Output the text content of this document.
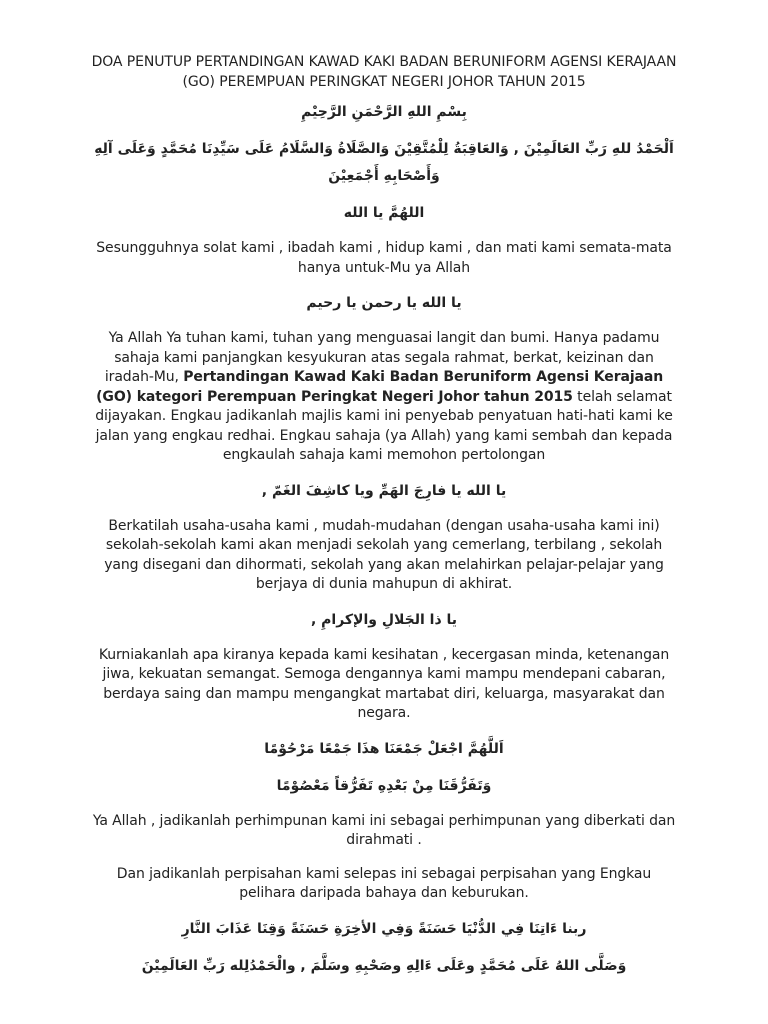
DOA PENUTUP PERTANDINGAN KAWAD KAKI BADAN BERUNIFORM AGENSI KERAJAAN (GO) PEREMPUAN PERINGKAT NEGERI JOHOR TAHUN 2015

بِسْمِ اللهِ الرَّحْمَنِ الرَّحِيْمِ

اَلْحَمْدُ للهِ رَبِّ العَالَمِيْنَ , وَالعَاقِبَةُ لِلْمُتَّقِيْنَ وَالصَّلَاةُ وَالسَّلَامُ عَلَى سَيِّدِنَا مُحَمَّدٍ وَعَلَى آلِهِ

وَأَصْحَابِهِ أَجْمَعِيْنَ

اللهُمَّ يا الله

Sesungguhnya solat kami , ibadah kami , hidup kami , dan mati kami semata-mata hanya untuk-Mu ya Allah

يا الله يا رحمن يا رحيم

Ya Allah Ya tuhan kami, tuhan yang menguasai langit dan bumi. Hanya padamu sahaja kami panjangkan kesyukuran atas segala rahmat, berkat, keizinan dan iradah-Mu, Pertandingan Kawad Kaki Badan Beruniform Agensi Kerajaan (GO) kategori Perempuan Peringkat Negeri Johor tahun 2015 telah selamat dijayakan. Engkau jadikanlah majlis kami ini penyebab penyatuan hati-hati kami ke jalan yang engkau redhai. Engkau sahaja (ya Allah) yang kami sembah dan kepada engkaulah sahaja kami memohon pertolongan

يا الله يا فارِجَ الهَمِّ ويا كاشِفَ الغَمّ ,

Berkatilah usaha-usaha kami , mudah-mudahan (dengan usaha-usaha kami ini) sekolah-sekolah kami akan menjadi sekolah yang cemerlang, terbilang , sekolah yang disegani dan dihormati, sekolah yang akan melahirkan pelajar-pelajar yang berjaya di dunia mahupun di akhirat.

يا ذا الجَلالِ والإكرامِ ,

Kurniakanlah apa kiranya kepada kami kesihatan , kecergasan minda, ketenangan jiwa, kekuatan semangat. Semoga dengannya kami mampu mendepani cabaran, berdaya saing dan mampu mengangkat martabat diri, keluarga, masyarakat dan negara.

اَللَّهُمَّ اجْعَلْ جَمْعَنَا هذَا جَمْعًا مَرْحُوْمًا

وَتَفَرُّقَنَا مِنْ بَعْدِهِ تَفَرُّقاً مَعْصُوْمًا

Ya Allah , jadikanlah perhimpunan kami ini sebagai perhimpunan yang diberkati dan dirahmati .

Dan jadikanlah perpisahan kami selepas ini sebagai perpisahan yang Engkau pelihara daripada bahaya dan keburukan.

ربنا ءَاتِنَا فِي الدُّنْيَا حَسَنَةً وَفِي الأخِرَةِ حَسَنَةً وَقِنَا عَذَابَ النَّارِ

وَصَلَّى اللهُ عَلَى مُحَمَّدٍ وعَلَى ءَالِهِ وصَحْبِهِ وسَلَّمَ , والْحَمْدُلِله رَبِّ العَالَمِيْنَ
